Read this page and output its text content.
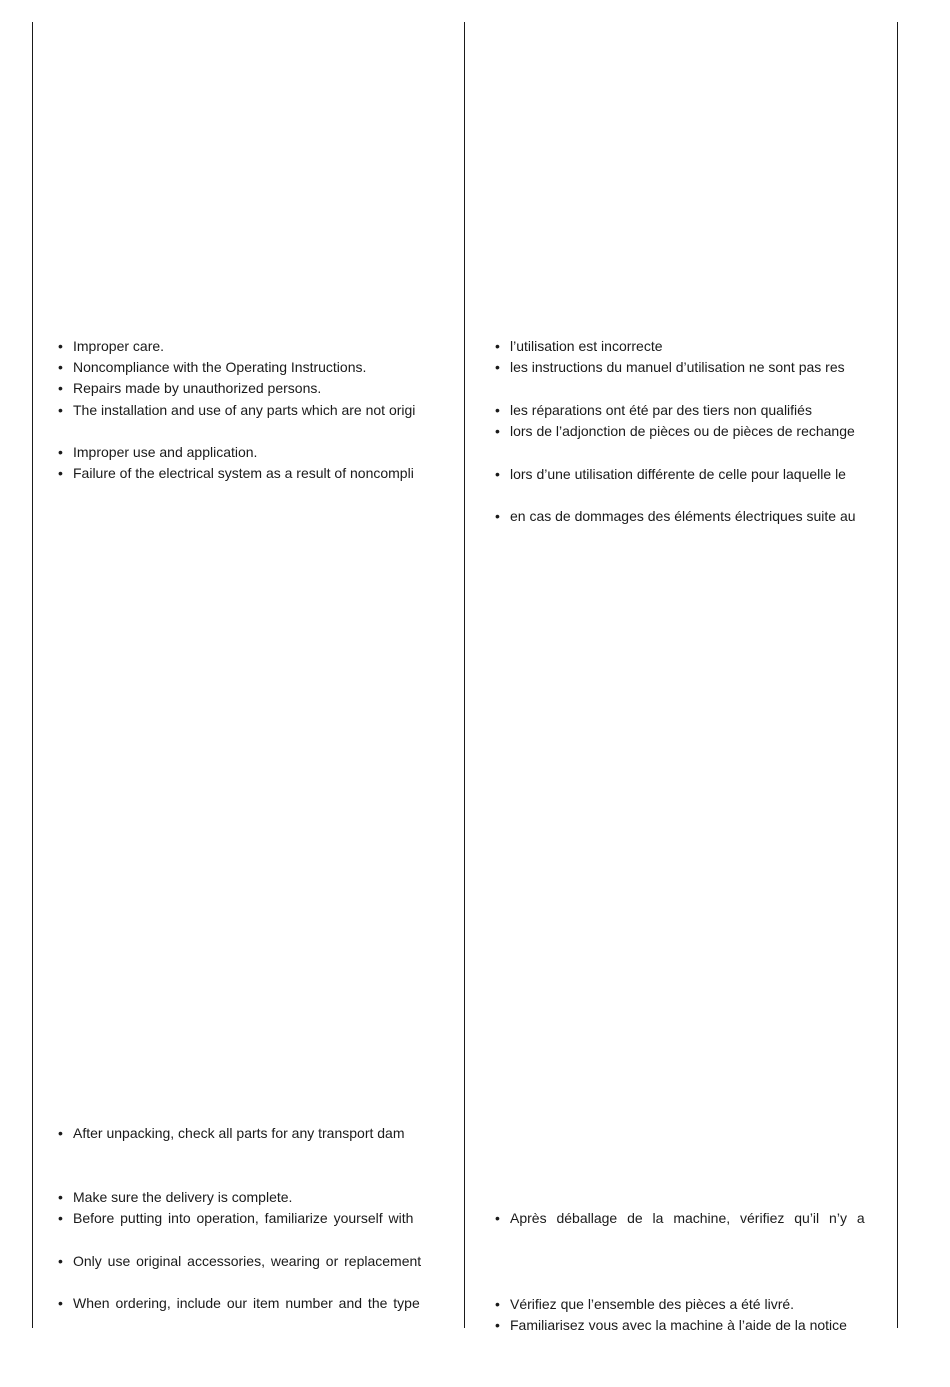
• Improper care.
• Noncompliance with the Operating Instructions.
• Repairs made by unauthorized persons.
• The installation and use of any parts which are not origi
• Improper use and application.
• Failure of the electrical system as a result of noncompli
• After unpacking, check all parts for any transport dam
• Make sure the delivery is complete.
• Before putting into operation, familiarize yourself with
• Only use original accessories, wearing or replacement
• When ordering, include our item number and the type
• l’utilisation est incorrecte
• les instructions du manuel d’utilisation ne sont pas res
• les réparations ont été par des tiers non qualifiés
• lors de l’adjonction de pièces ou de pièces de rechange
• lors d’une utilisation différente de celle pour laquelle le
• en cas de dommages des éléments électriques suite au
• Après déballage de la machine, vérifiez qu’il n’y a
• Vérifiez que l’ensemble des pièces a été livré.
• Familiarisez vous avec la machine à l’aide de la notice
